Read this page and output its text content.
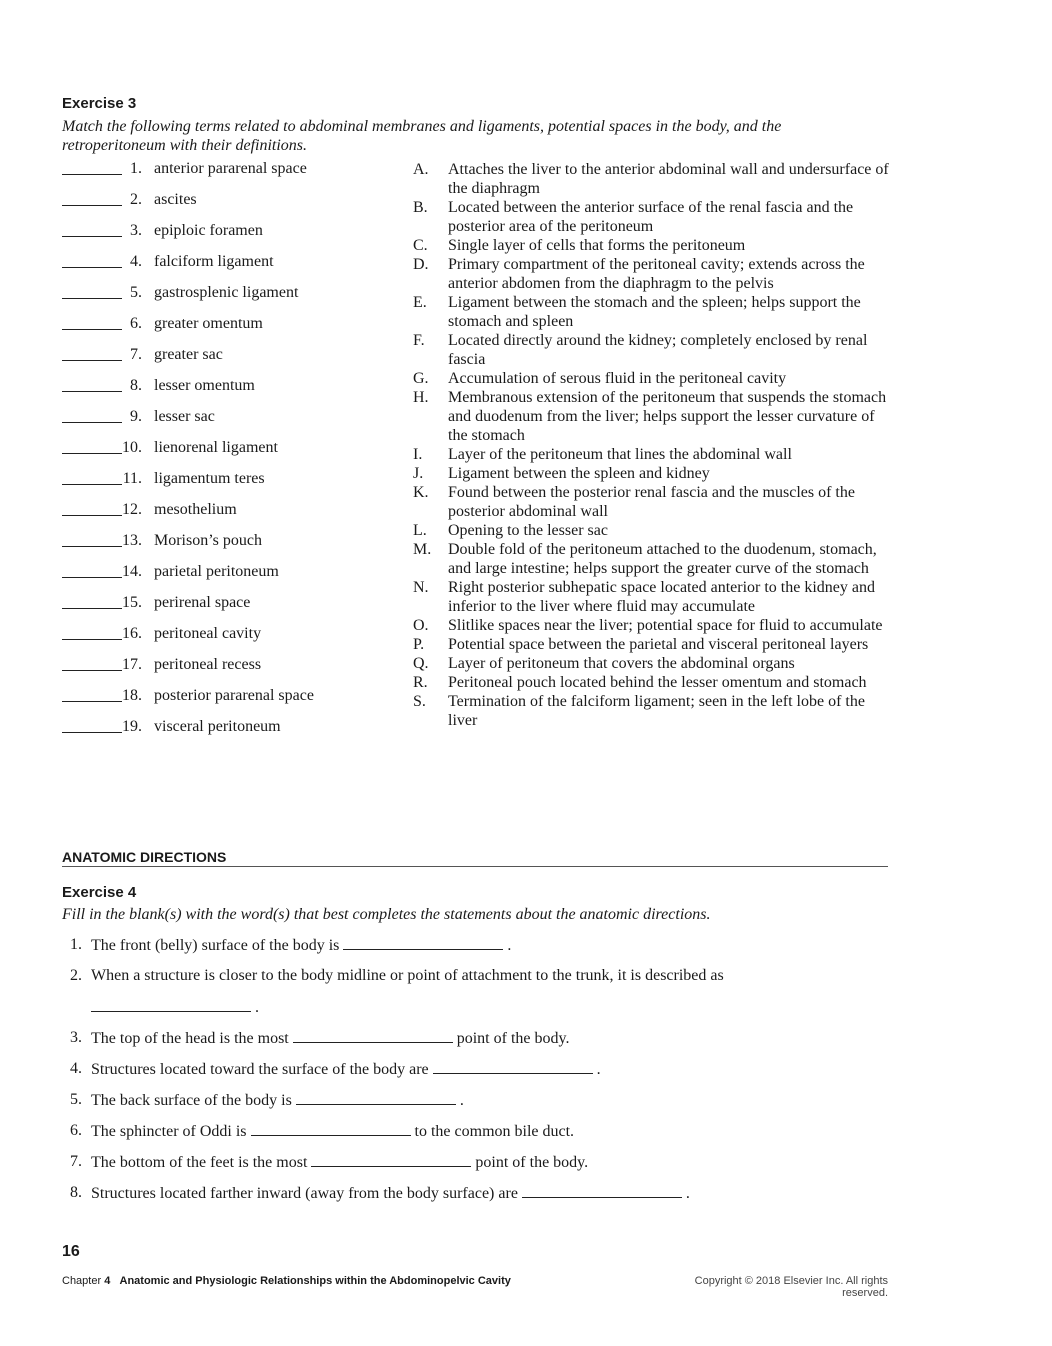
Exercise 3
Match the following terms related to abdominal membranes and ligaments, potential spaces in the body, and the retroperitoneum with their definitions.
1. anterior pararenal space
2. ascites
3. epiploic foramen
4. falciform ligament
5. gastrosplenic ligament
6. greater omentum
7. greater sac
8. lesser omentum
9. lesser sac
10. lienorenal ligament
11. ligamentum teres
12. mesothelium
13. Morison’s pouch
14. parietal peritoneum
15. perirenal space
16. peritoneal cavity
17. peritoneal recess
18. posterior pararenal space
19. visceral peritoneum
A. Attaches the liver to the anterior abdominal wall and undersurface of the diaphragm
B. Located between the anterior surface of the renal fascia and the posterior area of the peritoneum
C. Single layer of cells that forms the peritoneum
D. Primary compartment of the peritoneal cavity; extends across the anterior abdomen from the diaphragm to the pelvis
E. Ligament between the stomach and the spleen; helps support the stomach and spleen
F. Located directly around the kidney; completely enclosed by renal fascia
G. Accumulation of serous fluid in the peritoneal cavity
H. Membranous extension of the peritoneum that suspends the stomach and duodenum from the liver; helps support the lesser curvature of the stomach
I. Layer of the peritoneum that lines the abdominal wall
J. Ligament between the spleen and kidney
K. Found between the posterior renal fascia and the muscles of the posterior abdominal wall
L. Opening to the lesser sac
M. Double fold of the peritoneum attached to the duodenum, stomach, and large intestine; helps support the greater curve of the stomach
N. Right posterior subhepatic space located anterior to the kidney and inferior to the liver where fluid may accumulate
O. Slitlike spaces near the liver; potential space for fluid to accumulate
P. Potential space between the parietal and visceral peritoneal layers
Q. Layer of peritoneum that covers the abdominal organs
R. Peritoneal pouch located behind the lesser omentum and stomach
S. Termination of the falciform ligament; seen in the left lobe of the liver
ANATOMIC DIRECTIONS
Exercise 4
Fill in the blank(s) with the word(s) that best completes the statements about the anatomic directions.
1. The front (belly) surface of the body is	.
2. When a structure is closer to the body midline or point of attachment to the trunk, it is described as
.
3. The top of the head is the most	point of the body.
4. Structures located toward the surface of the body are	.
5. The back surface of the body is	.
6. The sphincter of Oddi is	to the common bile duct.
7. The bottom of the feet is the most	point of the body.
8. Structures located farther inward (away from the body surface) are	.
16
Chapter 4 Anatomic and Physiologic Relationships within the Abdominopelvic Cavity	Copyright © 2018 Elsevier Inc. All rights reserved.
